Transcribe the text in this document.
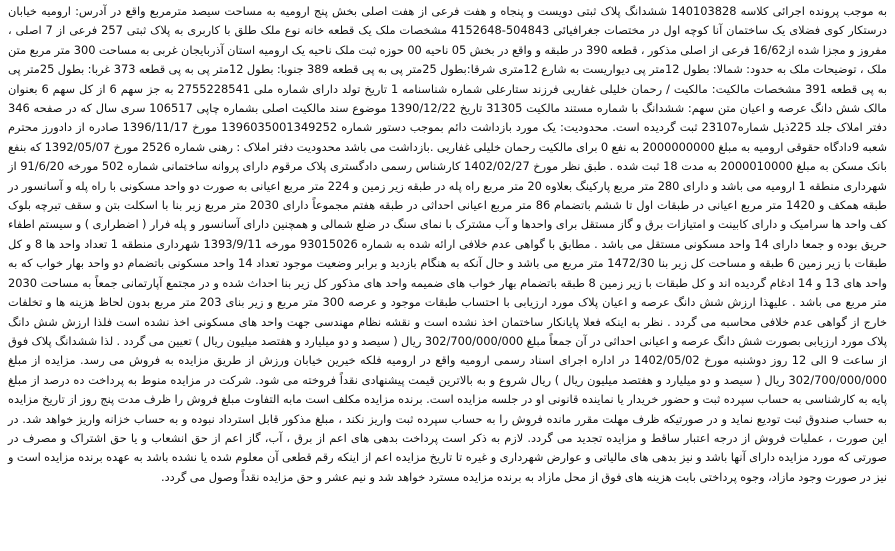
به موجب پرونده اجرائی کلاسه 140103828 ششدانگ پلاک ثبتی دویست و پنجاه و هفت فرعی از هفت اصلی بخش پنج ارومیه به مساحت سیصد مترمربع واقع در آدرس: ارومیه خیابان درستکار کوی فضلای یک ساختمان آنا کوچه اول در مختصات جغرافیائی 504843-4152648 مشخصات ملک یک قطعه خانه نوع ملک طلق با کاربری به پلاک ثبتی 257 فرعی از 7 اصلی ، مفروز و مجزا شده از16/62 فرعی از اصلی مذکور ، قطعه 390 در طبقه و واقع در بخش 05 ناحیه 00 حوزه ثبت ملک ناحیه یک ارومیه استان آذربایجان غربی به مساحت 300 متر مربع متن ملک ، توضیحات ملک به حدود: شمالا: بطول 12متر پی دیواریست به شارع 12متری شرقا:بطول 25متر پی به پی قطعه 389 جنوبا: بطول 12متر پی به پی قطعه 373 غربا: بطول 25متر پی به پی قطعه 391 مشخصات مالکیت: مالکیت / رحمان خلیلی غفاریی فرزند ستارعلی شماره شناسنامه 1 تاریخ تولد دارای شماره ملی 2755228541 به جز سهم 6 از کل سهم 6 بعنوان مالک شش دانگ عرصه و اعیان متن سهم: ششدانگ با شماره مستند مالکیت 31305 تاریخ 1390/12/22 موضوع سند مالکیت اصلی بشماره چاپی 106517 سری سال که در صفحه 346 دفتر املاک جلد 225ذیل شماره23107 ثبت گردیده است. محدودیت: یک مورد بازداشت دائم بموجب دستور شماره 1396035001349252 مورخ 1396/11/17 صادره از دادورز محترم شعبه 9دادگاه حقوقی ارومیه به مبلغ 2000000000 به نفع 0 برای مالکیت رحمان خلیلی غفاریی .بازداشت می باشد محدودیت دفتر املاک : رهنی شماره 2526 مورخ 1392/05/07 که بنفع بانک مسکن به مبلغ 2000010000 به مدت 18 ثبت شده . طبق نظر مورخ 1402/02/27 کارشناس رسمی دادگستری پلاک مرقوم دارای پروانه ساختمانی شماره 502 مورخه 91/6/20 از شهرداری منطقه 1 ارومیه می باشد و دارای 280 متر مربع پارکینگ بعلاوه 20 متر مربع راه پله در طبقه زیر زمین و 224 متر مربع اعیانی به صورت دو واحد مسکونی با راه پله و آسانسور در طبقه همکف و 1420 متر مربع اعیانی در طبقات اول تا ششم باتضمام 86 متر مربع اعیانی احداثی در طبقه هفتم مجموعاً دارای 2030 متر مربع زیر بنا با اسکلت بتن و سقف تیرچه بلوک کف واحد ها سرامیک و دارای کابینت و امتیازات برق و گاز مستقل برای واحدها و آب مشترک با نمای سنگ در ضلع شمالی و همچنین دارای آسانسور و پله فرار ( اضطراری ) و سیستم اطفاء حریق بوده و جمعا دارای 14 واحد مسکونی مستقل می باشد . مطابق با گواهی عدم خلافی ارائه شده به شماره 93015026 مورخه 1393/9/11 شهرداری منطقه 1 تعداد واحد ها 8 و کل طبقات با زیر زمین 6 طبقه و مساحت کل زیر بنا 1472/30 متر مربع می باشد و حال آنکه به هنگام بازدید و برابر وضعیت موجود تعداد 14 واحد مسکونی باتضمام دو واحد بهار خواب که به واحد های 13 و 14 ادغام گردیده اند و کل طبقات با زیر زمین 8 طبقه باتضمام بهار خواب های ضمیمه واحد های مذکور کل زیر بنا احداث شده و در مجتمع آپارتمانی جمعاً به مساحت 2030 متر مربع می باشد . علیهذا ارزش شش دانگ عرصه و اعیان پلاک مورد ارزیابی با احتساب طبقات موجود و عرصه 300 متر مربع و زیر بنای 203 متر مربع بدون لحاظ هزینه ها و تخلفات خارج از گواهی عدم خلافی محاسبه می گردد . نظر به اینکه فعلا پایانکار ساختمان اخذ نشده است و نقشه نظام مهندسی جهت واحد های مسکونی اخذ نشده است فلذا ارزش شش دانگ پلاک مورد ارزیابی بصورت شش دانگ عرصه و اعیانی احداثی در آن جمعاً مبلغ 302/700/000/000 ریال ( سیصد و دو میلیارد و هفتصد میلیون ریال ) تعیین می گردد . لذا ششدانگ پلاک فوق از ساعت 9 الی 12 روز دوشنبه مورخ 1402/05/02 در اداره اجرای اسناد رسمی ارومیه واقع در ارومیه فلکه خیرین خیابان ورزش از طریق مزایده به فروش می رسد. مزایده از مبلغ 302/700/000/000 ریال ( سیصد و دو میلیارد و هفتصد میلیون ریال ) ریال شروع و به بالاترین قیمت پیشنهادی نقداً فروخته می شود. شرکت در مزایده منوط به پرداخت ده درصد از مبلغ پایه به کارشناسی به حساب سپرده ثبت و حضور خریدار یا نماینده قانونی او در جلسه مزایده است. برنده مزایده مکلف است مابه التفاوت مبلغ فروش را ظرف مدت پنج روز از تاریخ مزایده به حساب صندوق ثبت تودیع نماید و در صورتیکه ظرف مهلت مقرر مانده فروش را به حساب سپرده ثبت واریز نکند ، مبلغ مذکور قابل استرداد نبوده و به حساب خزانه واریز خواهد شد. در این صورت ، عملیات فروش از درجه اعتبار ساقط و مزایده تجدید می گردد. لازم به ذکر است پرداخت بدهی های اعم از برق ، آب، گاز اعم از حق انشعاب و یا حق اشتراک و مصرف در صورتی که مورد مزایده دارای آنها باشد و نیز بدهی های مالیاتی و عوارض شهرداری و غیره تا تاریخ مزایده اعم از اینکه رقم قطعی آن معلوم شده یا نشده باشد به عهده برنده مزایده است و نیز در صورت وجود مازاد، وجوه پرداختی بابت هزینه های فوق از محل مازاد به برنده مزایده مسترد خواهد شد و نیم عشر و حق مزایده نقداً وصول می گردد.
